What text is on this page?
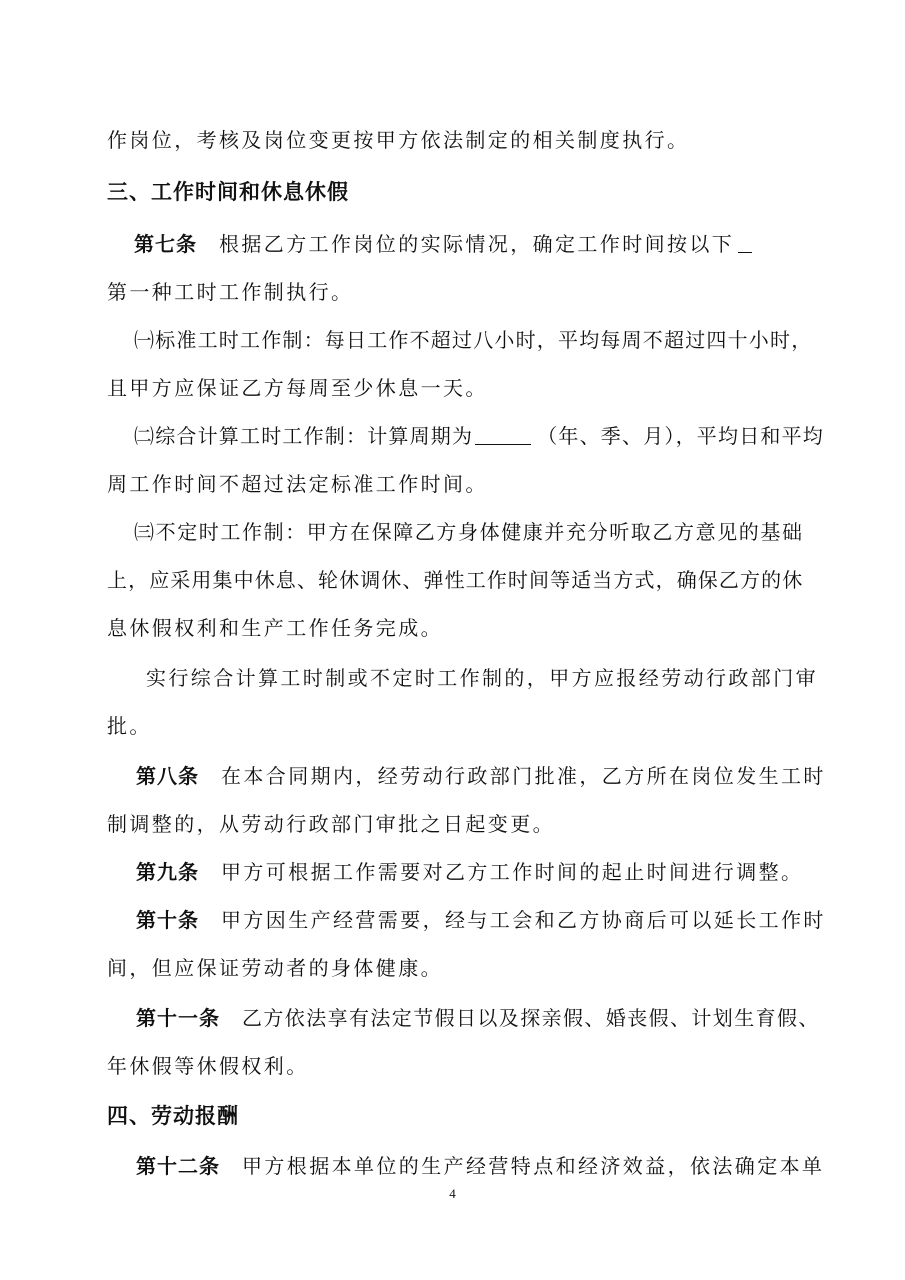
作岗位，考核及岗位变更按甲方依法制定的相关制度执行。
三、工作时间和休息休假
第七条 根据乙方工作岗位的实际情况，确定工作时间按以下
第一种工时工作制执行。
㈠标准工时工作制：每日工作不超过八小时，平均每周不超过四十小时，
且甲方应保证乙方每周至少休息一天。
㈡综合计算工时工作制：计算周期为	（年、季、月），平均日和平均
周工作时间不超过法定标准工作时间。
㈢不定时工作制：甲方在保障乙方身体健康并充分听取乙方意见的基础
上，应采用集中休息、轮休调休、弹性工作时间等适当方式，确保乙方的休
息休假权利和生产工作任务完成。
实行综合计算工时制或不定时工作制的，甲方应报经劳动行政部门审
批。
第八条 在本合同期内，经劳动行政部门批准，乙方所在岗位发生工时
制调整的，从劳动行政部门审批之日起变更。
第九条 甲方可根据工作需要对乙方工作时间的起止时间进行调整。
第十条 甲方因生产经营需要，经与工会和乙方协商后可以延长工作时
间，但应保证劳动者的身体健康。
第十一条 乙方依法享有法定节假日以及探亲假、婚丧假、计划生育假、
年休假等休假权利。
四、劳动报酬
第十二条 甲方根据本单位的生产经营特点和经济效益，依法确定本单
4
